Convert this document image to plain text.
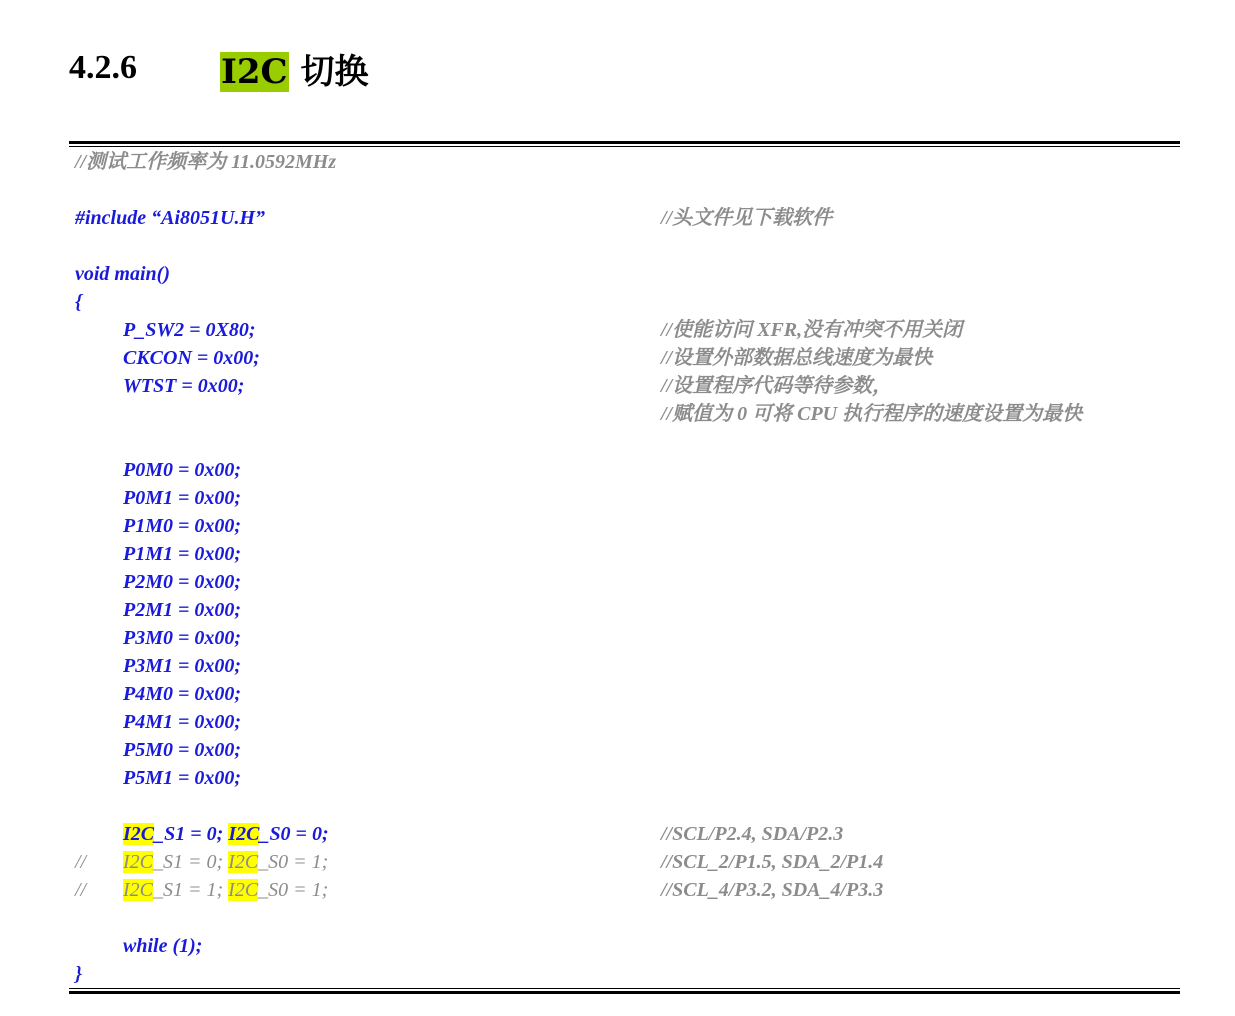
4.2.6	I2C 切换
//测试工作频率为 11.0592MHz
#include “Ai8051U.H”	//头文件见下载软件
void main()
{
P_SW2 = 0X80;	//使能访问 XFR,没有冲突不用关闭
CKCON = 0x00;	//设置外部数据总线速度为最快
WTST = 0x00;	//设置程序代码等待参数，
//赋值为 0 可将 CPU 执行程序的速度设置为最快
P0M0 = 0x00;
P0M1 = 0x00;
P1M0 = 0x00;
P1M1 = 0x00;
P2M0 = 0x00;
P2M1 = 0x00;
P3M0 = 0x00;
P3M1 = 0x00;
P4M0 = 0x00;
P4M1 = 0x00;
P5M0 = 0x00;
P5M1 = 0x00;
I2C_S1 = 0; I2C_S0 = 0;	//SCL/P2.4, SDA/P2.3
// I2C_S1 = 0; I2C_S0 = 1;	//SCL_2/P1.5, SDA_2/P1.4
// I2C_S1 = 1; I2C_S0 = 1;	//SCL_4/P3.2, SDA_4/P3.3
while (1);
}
